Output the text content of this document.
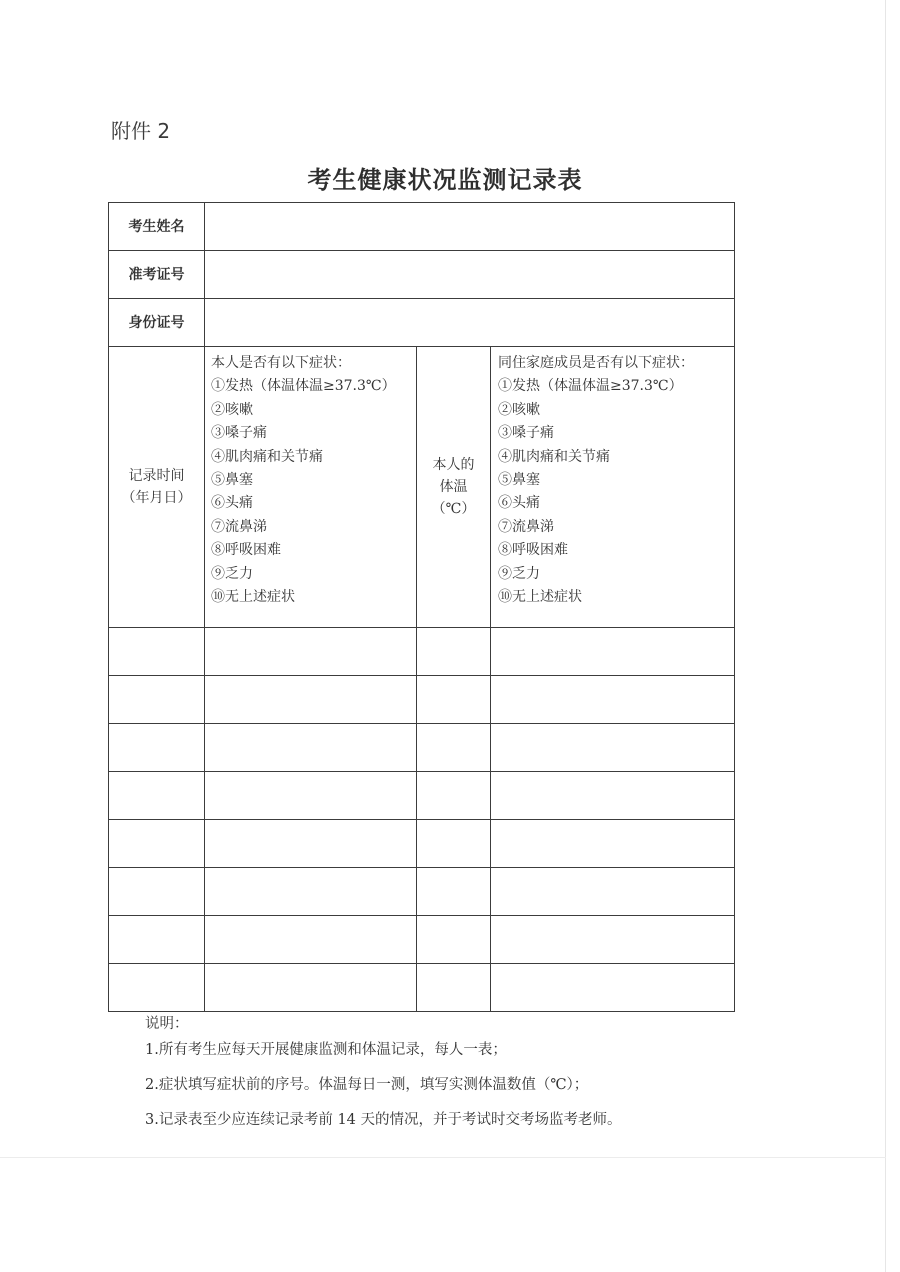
附件 2
考生健康状况监测记录表
考生姓名
准考证号
身份证号
记录时间
（年月日）
本人是否有以下症状：
①发热（体温体温≥37.3℃）
②咳嗽
③嗓子痛
④肌肉痛和关节痛
⑤鼻塞
⑥头痛
⑦流鼻涕
⑧呼吸困难
⑨乏力
⑩无上述症状
本人的
体温
（℃）
同住家庭成员是否有以下症状：
①发热（体温体温≥37.3℃）
②咳嗽
③嗓子痛
④肌肉痛和关节痛
⑤鼻塞
⑥头痛
⑦流鼻涕
⑧呼吸困难
⑨乏力
⑩无上述症状
说明：
1.所有考生应每天开展健康监测和体温记录，每人一表；
2.症状填写症状前的序号。体温每日一测，填写实测体温数值（℃）；
3.记录表至少应连续记录考前 14 天的情况，并于考试时交考场监考老师。
